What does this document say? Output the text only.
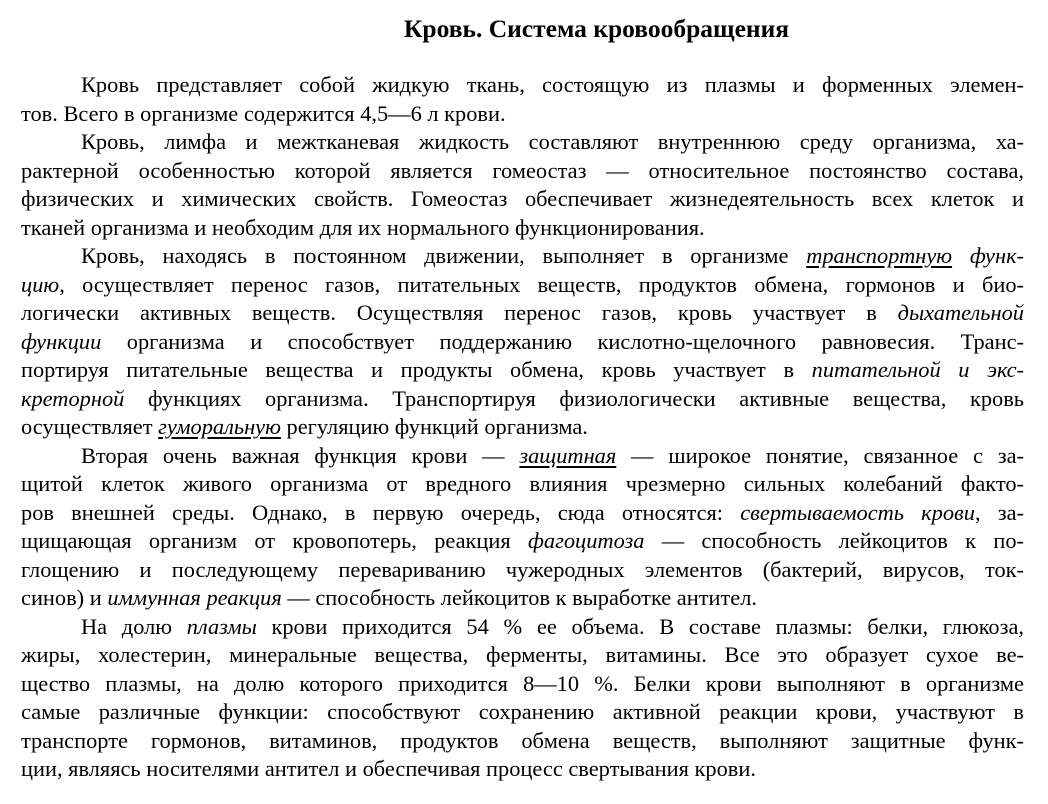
Кровь. Система кровообращения
Кровь представляет собой жидкую ткань, состоящую из плазмы и форменных элемен-
тов. Всего в организме содержится 4,5—6 л крови.
Кровь, лимфа и межтканевая жидкость составляют внутреннюю среду организма, ха-
рактерной особенностью которой является гомеостаз — относительное постоянство состава,
физических и химических свойств. Гомеостаз обеспечивает жизнедеятельность всех клеток и
тканей организма и необходим для их нормального функционирования.
Кровь, находясь в постоянном движении, выполняет в организме транспортную функ-
цию, осуществляет перенос газов, питательных веществ, продуктов обмена, гормонов и био-
логически активных веществ. Осуществляя перенос газов, кровь участвует в дыхательной
функции организма и способствует поддержанию кислотно-щелочного равновесия. Транс-
портируя питательные вещества и продукты обмена, кровь участвует в питательной и экс-
креторной функциях организма. Транспортируя физиологически активные вещества, кровь
осуществляет гуморальную регуляцию функций организма.
Вторая очень важная функция крови — защитная — широкое понятие, связанное с за-
щитой клеток живого организма от вредного влияния чрезмерно сильных колебаний факто-
ров внешней среды. Однако, в первую очередь, сюда относятся: свертываемость крови, за-
щищающая организм от кровопотерь, реакция фагоцитоза — способность лейкоцитов к по-
глощению и последующему перевариванию чужеродных элементов (бактерий, вирусов, ток-
синов) и иммунная реакция — способность лейкоцитов к выработке антител.
На долю плазмы крови приходится 54 % ее объема. В составе плазмы: белки, глюкоза,
жиры, холестерин, минеральные вещества, ферменты, витамины. Все это образует сухое ве-
щество плазмы, на долю которого приходится 8—10 %. Белки крови выполняют в организме
самые различные функции: способствуют сохранению активной реакции крови, участвуют в
транспорте гормонов, витаминов, продуктов обмена веществ, выполняют защитные функ-
ции, являясь носителями антител и обеспечивая процесс свертывания крови.
